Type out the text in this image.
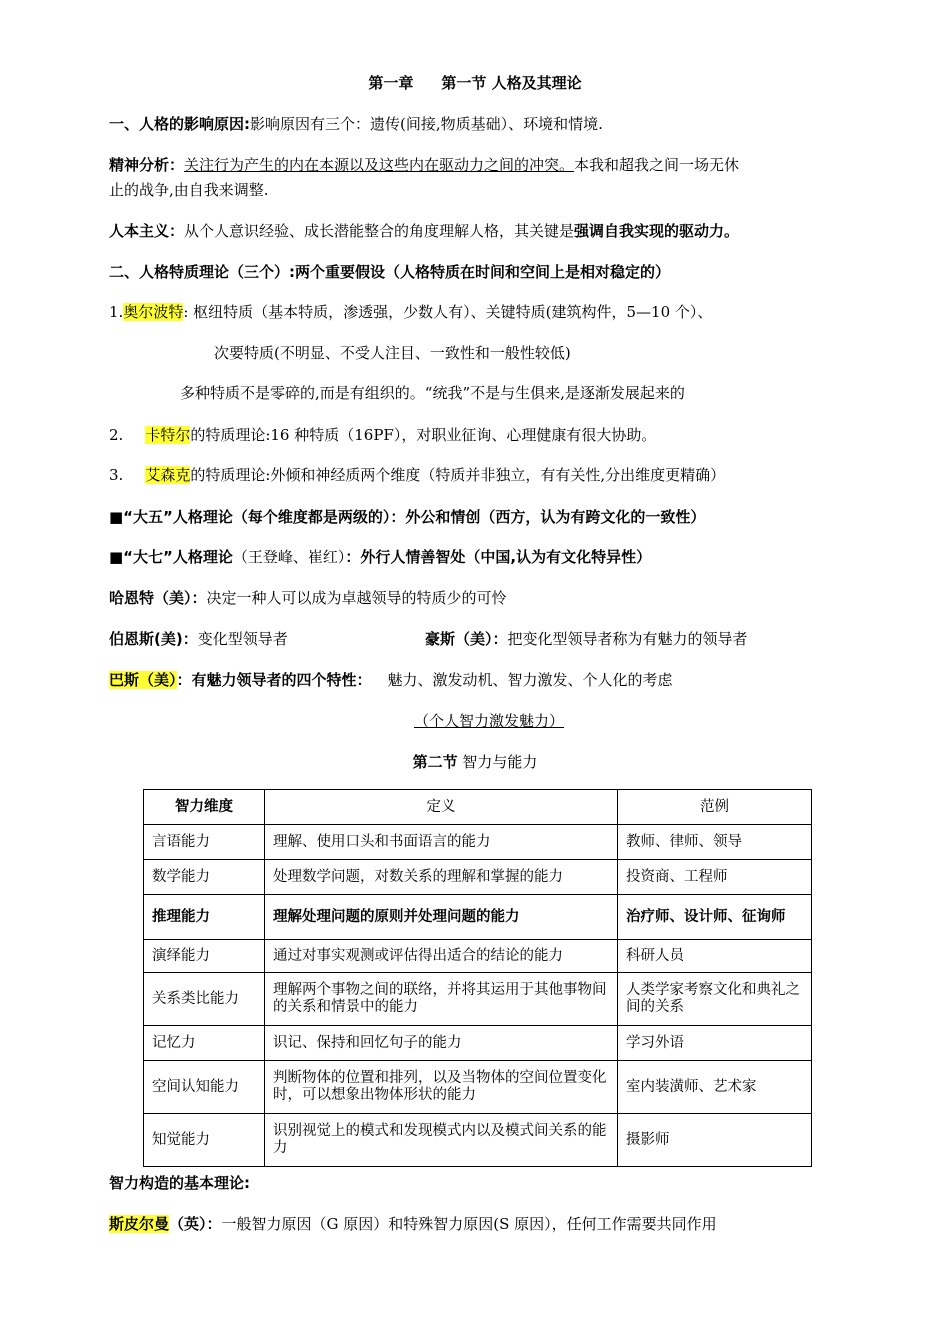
第一章 第一节 人格及其理论
一、人格的影响原因:影响原因有三个：遗传(间接,物质基础）、环境和情境.
精神分析：关注行为产生的内在本源以及这些内在驱动力之间的冲突。本我和超我之间一场无休
止的战争,由自我来调整.
人本主义：从个人意识经验、成长潜能整合的角度理解人格，其关键是强调自我实现的驱动力。
二、人格特质理论（三个）:两个重要假设（人格特质在时间和空间上是相对稳定的）
1.奥尔波特: 枢纽特质（基本特质，渗透强，少数人有）、关键特质(建筑构件，5—10 个）、
次要特质(不明显、不受人注目、一致性和一般性较低)
多种特质不是零碎的,而是有组织的。“统我”不是与生俱来,是逐渐发展起来的
2. 卡特尔的特质理论:16 种特质（16PF），对职业征询、心理健康有很大协助。
3. 艾森克的特质理论:外倾和神经质两个维度（特质并非独立，有有关性,分出维度更精确）
■“大五”人格理论（每个维度都是两级的）：外公和情创（西方，认为有跨文化的一致性）
■“大七”人格理论（王登峰、崔红）：外行人情善智处（中国,认为有文化特异性）
哈恩特（美）：决定一种人可以成为卓越领导的特质少的可怜
伯恩斯(美)：变化型领导者	豪斯（美）：把变化型领导者称为有魅力的领导者
巴斯（美）：有魅力领导者的四个特性： 魅力、激发动机、智力激发、个人化的考虑
（个人智力激发魅力）
第二节 智力与能力
智力维度	定义	范例
言语能力	理解、使用口头和书面语言的能力	教师、律师、领导
数学能力	处理数学问题，对数关系的理解和掌握的能力	投资商、工程师
推理能力	理解处理问题的原则并处理问题的能力	治疗师、设计师、征询师
演绎能力	通过对事实观测或评估得出适合的结论的能力	科研人员
关系类比能力	理解两个事物之间的联络，并将其运用于其他事物间的关系和情景中的能力	人类学家考察文化和典礼之间的关系
记忆力	识记、保持和回忆句子的能力	学习外语
空间认知能力	判断物体的位置和排列，以及当物体的空间位置变化时，可以想象出物体形状的能力	室内装潢师、艺术家
知觉能力	识别视觉上的模式和发现模式内以及模式间关系的能力	摄影师
智力构造的基本理论:
斯皮尔曼（英）：一般智力原因（G 原因）和特殊智力原因(S 原因），任何工作需要共同作用
